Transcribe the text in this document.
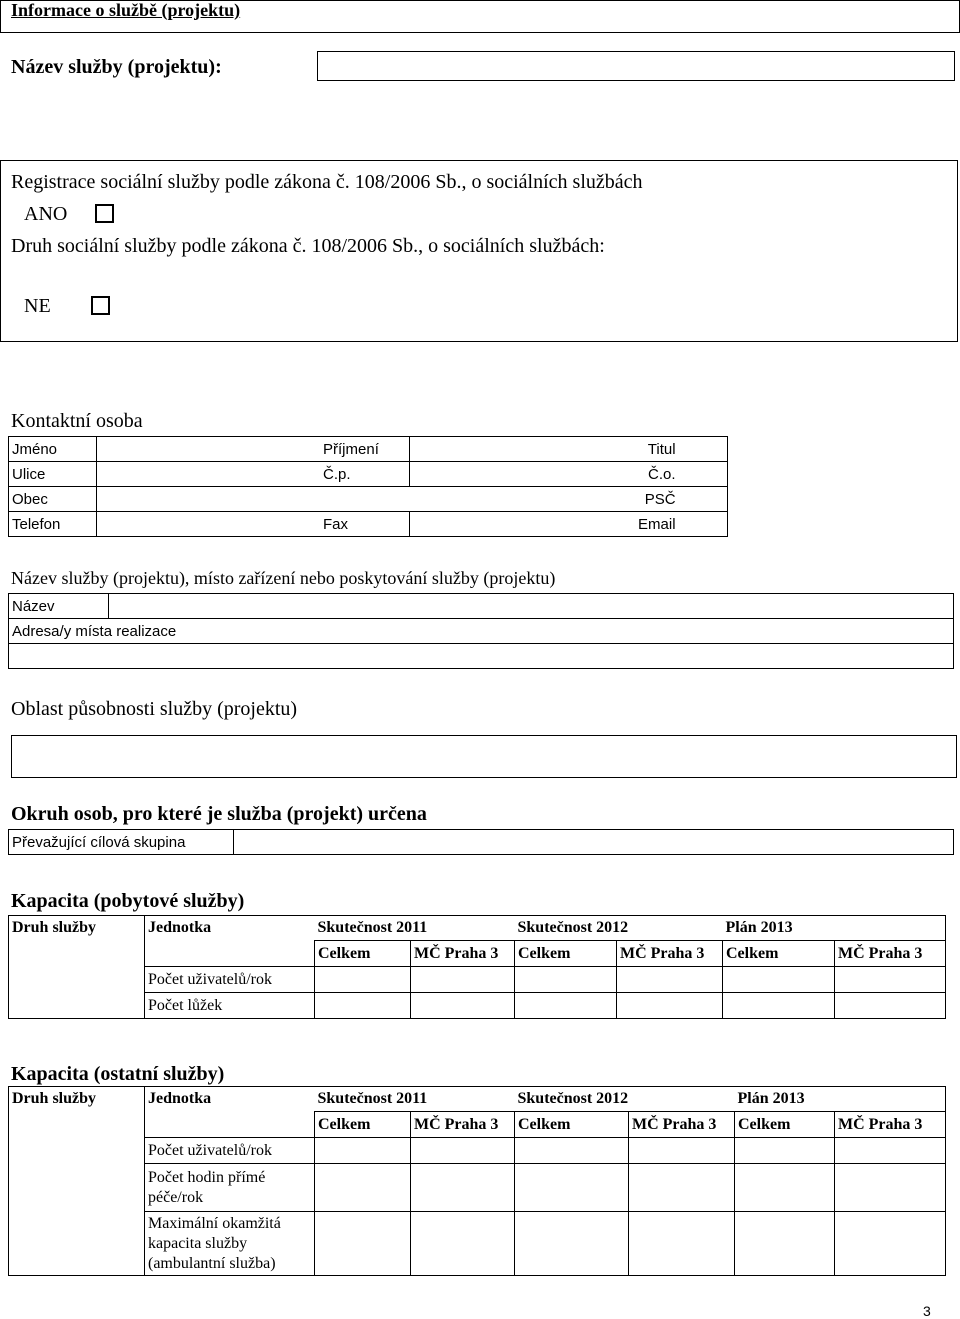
Informace o službě (projektu)
Název služby (projektu):
Registrace sociální služby podle zákona č. 108/2006 Sb., o sociálních službách
ANO
Druh sociální služby podle zákona č. 108/2006 Sb., o sociálních službách:
NE
Kontaktní osoba
Jméno		Příjmení	Titul	
Ulice		Č.p.	Č.o.	
Obec	PSČ			
Telefon		Fax	Email	
Název služby (projektu), místo zařízení nebo poskytování služby (projektu)
Název	
Adresa/y místa realizace

Oblast působnosti služby (projektu)
Okruh osob, pro které je služba (projekt) určena
Převažující cílová skupina	
Kapacita (pobytové služby)
Druh služby	Jednotka	Skutečnost 2011		Skutečnost 2012		Plán 2013	
		Celkem	MČ Praha 3	Celkem	MČ Praha 3	Celkem	MČ Praha 3
	Počet uživatelů/rok						
	Počet lůžek						
Kapacita (ostatní služby)
Druh služby	Jednotka	Skutečnost 2011		Skutečnost 2012		Plán 2013	
		Celkem	MČ Praha 3	Celkem	MČ Praha 3	Celkem	MČ Praha 3
	Počet uživatelů/rok						
	Počet hodin přímé péče/rok						
	Maximální okamžitá kapacita služby (ambulantní služba)						
3
